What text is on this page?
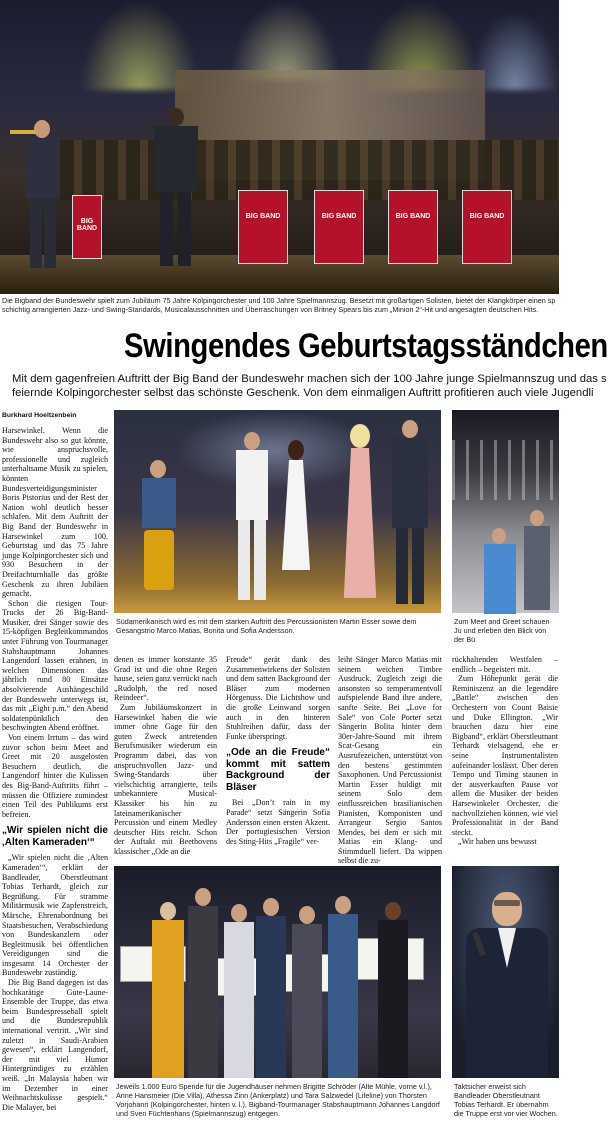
BIG BAND
BIG BAND	BIG BAND	BIG BAND	BIG BAND
Die Bigband der Bundeswehr spielt zum Jubiläum 75 Jahre Kolpingorchester und 100 Jahre Spielmannszug. Besetzt mit großartigen Solisten, bietet der Klangkörper einen sp
schichtig arrangierten Jazz- und Swing-Standards, Musicalausschnitten und Überraschungen von Britney Spears bis zum „Minion 2“-Hit und angesagten deutschen Hits.
Swingendes Geburtstagsständchen
Mit dem gagenfreien Auftritt der Big Band der Bundeswehr machen sich der 100 Jahre junge Spielmannszug und das s
feiernde Kolpingorchester selbst das schönste Geschenk. Von dem einmaligen Auftritt profitieren auch viele Jugendli
Burkhard Hoeltzenbein

Harsewinkel. Wenn die Bundeswehr also so gut könnte, wie anspruchsvolle, professionelle und zugleich unterhaltsame Musik zu spielen, könnten Bundesverteidigungsminister Boris Pistorius und der Rest der Nation wohl deutlich besser schlafen. Mit dem Auftritt der Big Band der Bundeswehr in Harsewinkel zum 100. Geburtstag und das 75 Jahre junge Kolpingorchester sich und 930 Besuchern in der Dreifachturnhalle das größte Geschenk zu ihren Jubiläen gemacht.

Schon die riesigen Tour-Trucks der 26 Big-Band-Musiker, drei Sänger sowie des 15-köpfigen Begleitkommandos unter Führung von Tourmanager Stabshauptmann Johannes Langendorf lassen erahnen, in welchen Dimensionen das jährlich rund 80 Einsätze absolvierende Aushängeschild der Bundeswehr unterwegs ist, das mit „Eight p.m.“ den Abend soldatenpünktlich den beschwingten Abend eröffnet.

Von einem Irrtum – das wird zuvor schon beim Meet and Greet mit 20 ausgelosten Besuchern deutlich, die Langendorf hinter die Kulissen des Big-Band-Auftritts führt – müssen die Offiziere zumindest einen Teil des Publikums erst befreien.

„Wir spielen nicht die ‚Alten Kameraden‘“

„Wir spielen nicht die ‚Alten Kameraden‘“, erklärt der Bandleader, Oberstleutnant Tobias Terhardt, gleich zur Begrüßung. Für stramme Militärmusik wie Zapfenstreich, Märsche, Ehrenabordnung bei Staatsbesuchen, Verabschiedung von Bundeskanzlern oder Begleitmusik bei öffentlichen Vereidigungen sind die insgesamt 14 Orchester der Bundeswehr zuständig.

Die Big Band dagegen ist das hochkarätige Gute-Laune-Ensemble der Truppe, das etwa beim Bundespresseball spielt und die Bundesrepublik international vertritt. „Wir sind zuletzt in Saudi-Arabien gewesen“, erklärt Langendorf, der mit viel Humor Hintergründiges zu erzählen weiß. „In Malaysia haben wir im Dezember in einer Weihnachtskulisse gespielt.“ Die Malayer, bei

Südamerikanisch wird es mit dem starken Auftritt des Percussionisten Martin Esser sowie dem Gesangstrio Marco Matias, Bonita und Sofia Andersson.
Zum Meet and Greet schauen Ju und erleben den Blick von der Bü

denen es immer konstante 35 Grad ist und die ohne Regen hause, seien ganz verrückt nach „Rudolph, the red nosed Reindeer“.

Zum Jubiläumskonzert in Harsewinkel haben die wie immer ohne Gage für den guten Zweck antretenden Berufsmusiker wiederum ein Programm dabei, das von anspruchsvollen Jazz- und Swing-Standards über vielschichtig arrangierte, teils unbekanntere Musical-Klassiker bis hin zu lateinamerikanischer Percussion und einem Medley deutscher Hits reicht. Schon der Auftakt mit Beethovens klassischer „Ode an die

Freude“ gerät dank des Zusammenwirkens der Solisten und dem satten Background der Bläser zum modernen Hörgenuss. Die Lichtshow und die große Leinwand sorgen auch in den hinteren Stuhlreihen dafür, dass der Funke überspringt.

„Ode an die Freude“ kommt mit sattem Background der Bläser

Bei „Don’t rain in my Parade“ setzt Sängerin Sofia Andersson einen ersten Akzent. Der portugiesischen Version des Sting-Hits „Fragile“ ver-

leiht Sänger Marco Matias mit seinem weichen Timbre Ausdruck. Zugleich zeigt die ansonsten so temperamentvoll aufspielende Band ihre andere, sanfte Seite. Bei „Love for Sale“ von Cole Porter setzt Sängerin Bolita hinter dem 30er-Jahre-Sound mit ihrem Scat-Gesang ein Ausrufezeichen, unterstützt von den bestens gestimmten Saxophonen. Und Percussionist Martin Esser huldigt mit seinem Solo dem einflussreichen brasilianischen Pianisten, Komponisten und Arrangeur Sergio Santos Mendes, bei dem er sich mit Matias ein Klang- und Stimmduell liefert. Da wippen selbst die zu-

rückhaltenden Westfalen – endlich – begeistert mit.

Zum Höhepunkt gerät die Reminiszenz an die legendäre „Battle“ zwischen den Orchestern von Count Baisie und Duke Ellington. „Wir brauchen dazu hier eine Bigband“, erklärt Oberstleutnant Terhardt vielsagend, ehe er seine Instrumentalisten aufeinander loslässt. Über deren Tempo und Timing staunen in der ausverkauften Pause vor allem die Musiker der beiden Harsewinkeler Orchester, die nachvollziehen können, wie viel Professionalität in der Band steckt.

„Wir haben uns bewusst

Jeweils 1.000 Euro Spende für die Jugendhäuser nehmen Brigitte Schröder (Alte Mühle, vorne v.l.), Anne Hansmeier (Die Villa), Athessa Zinn (Ankerplatz) und Tara Salzwedel (Lifeline) von Thorsten Vorjohann (Kolpingorchester, hinten v. l.), Bigband-Tourmanager Stabshauptmann Johannes Langdorf und Sven Füchtenhans (Spielmannszug) entgegen.
Taktsicher erweist sich Bandleader Oberstleutnant Tobias Terhardt. Er übernahm die Truppe erst vor vier Wochen.
